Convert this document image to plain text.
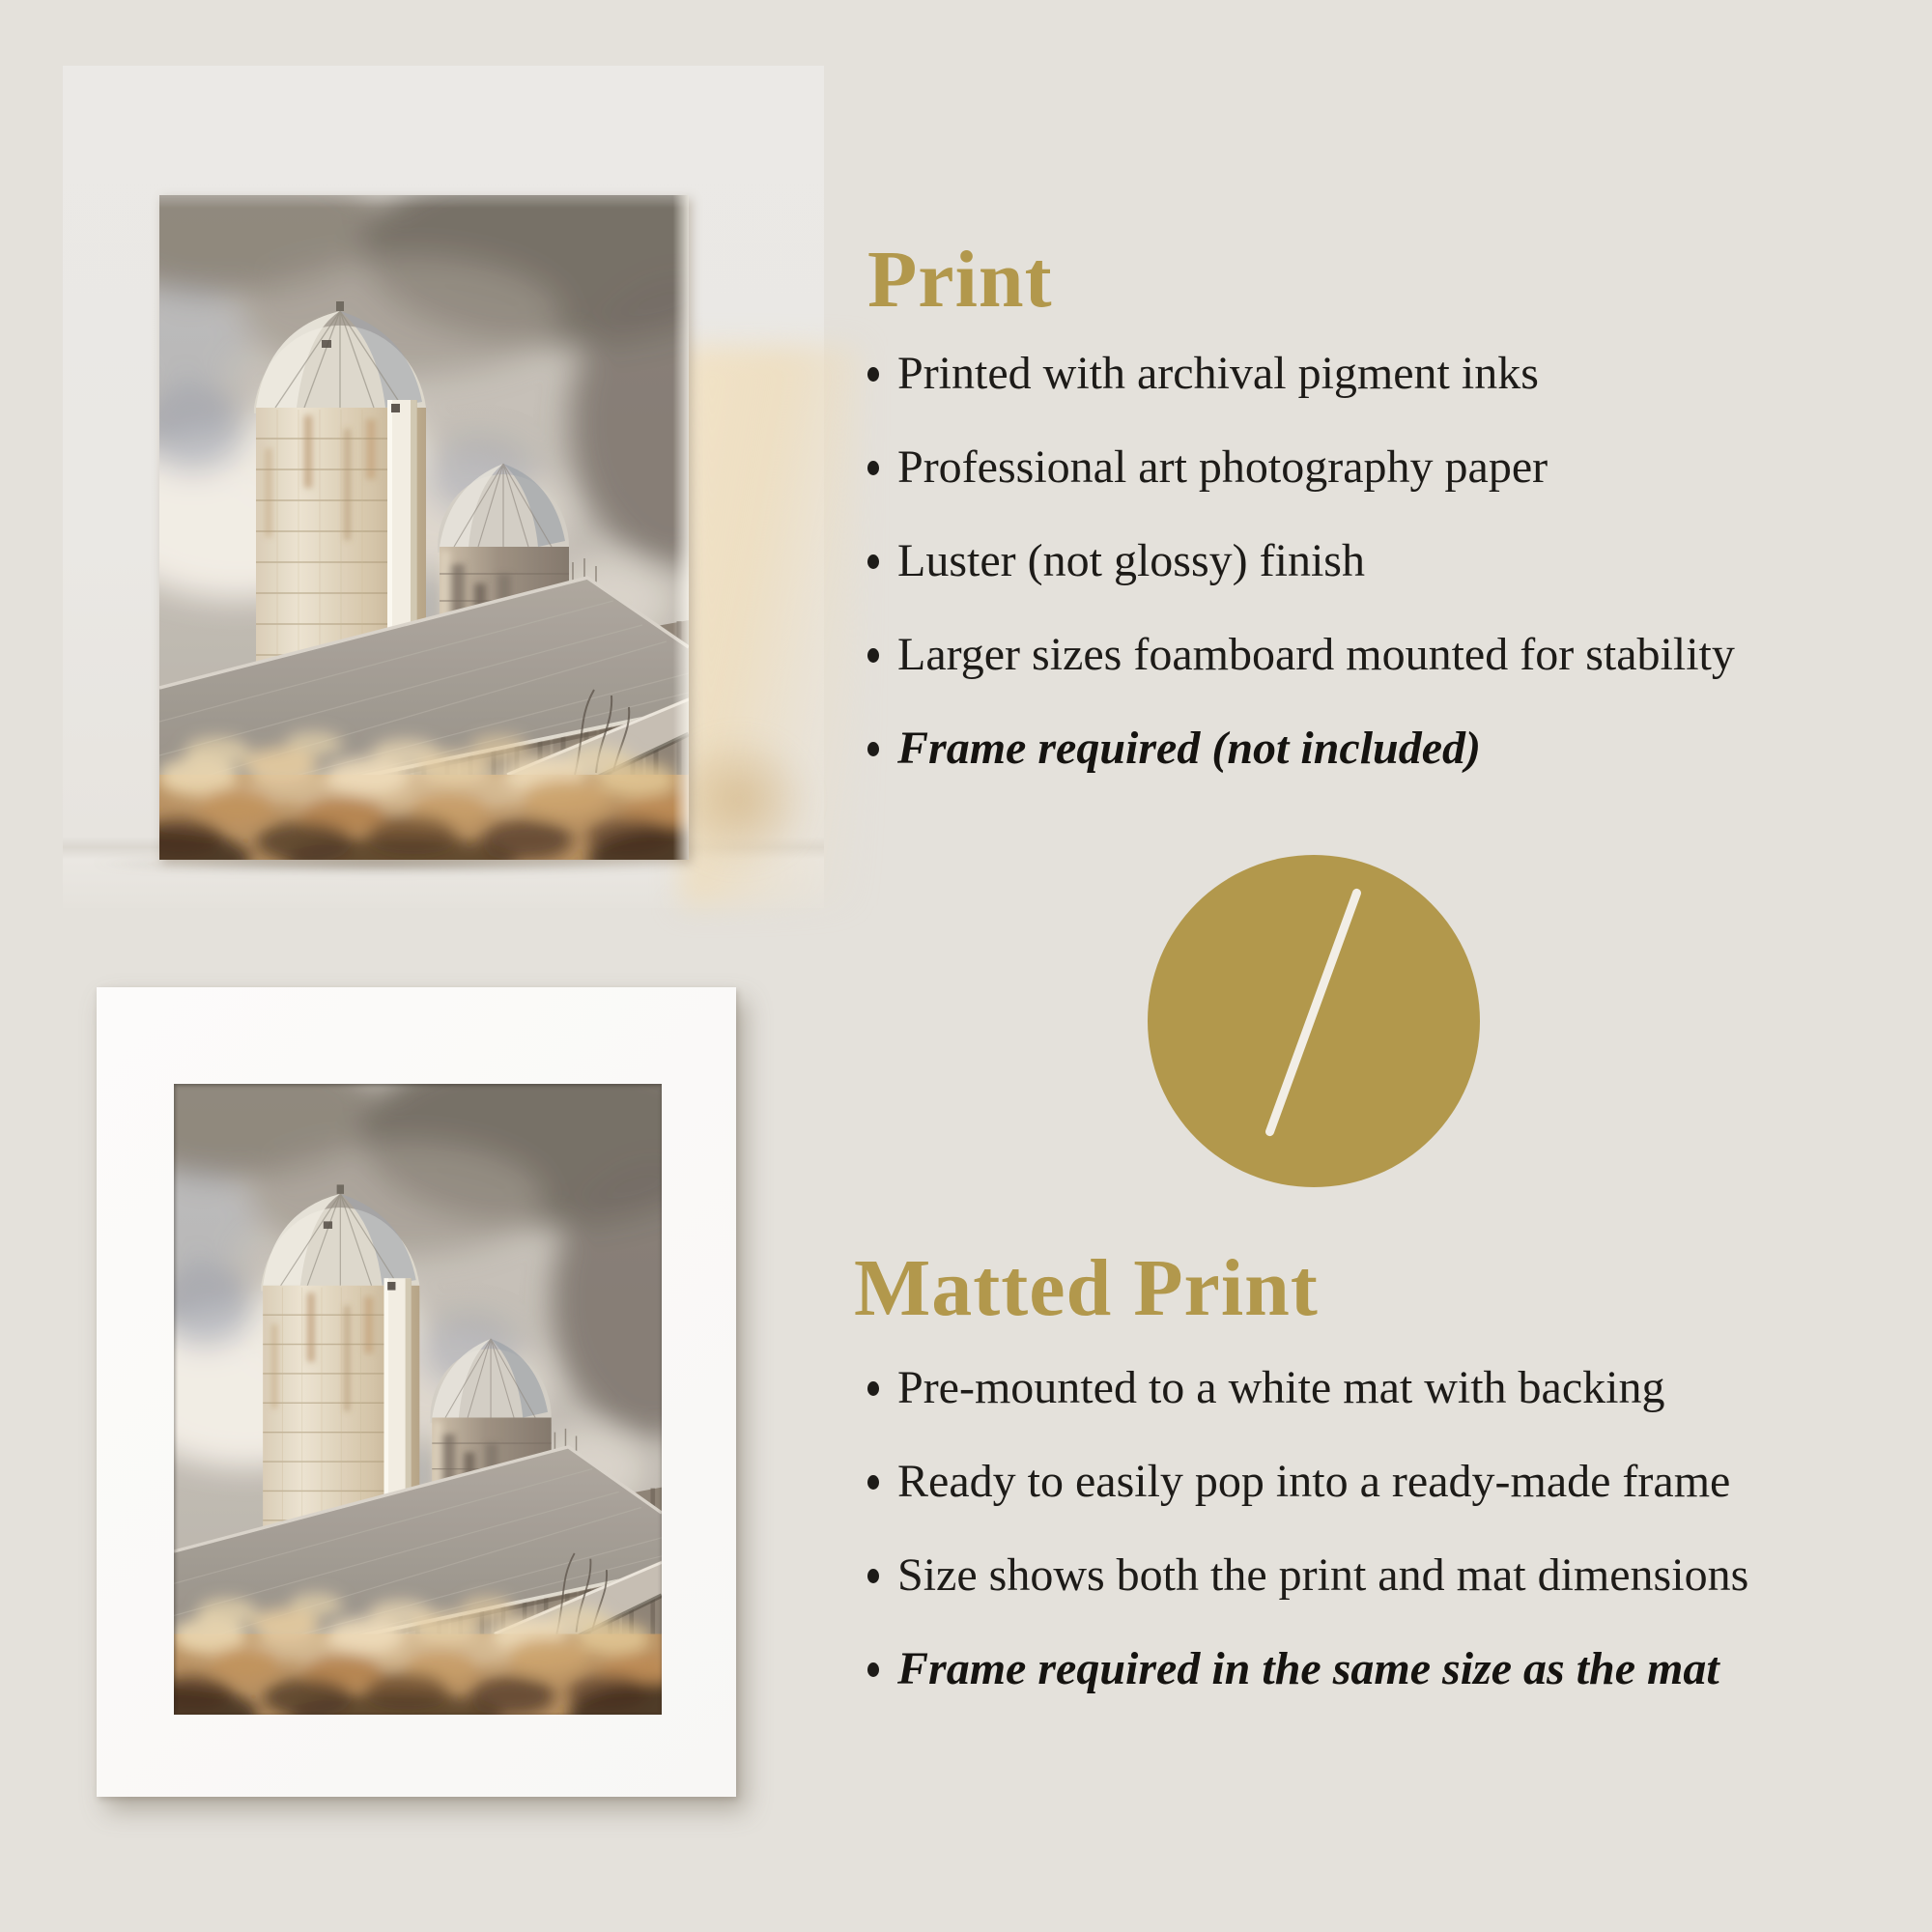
Print
Printed with archival pigment inks
Professional art photography paper
Luster (not glossy) finish
Larger sizes foamboard mounted for stability
Frame required (not included)
Matted Print
Pre-mounted to a white mat with backing
Ready to easily pop into a ready-made frame
Size shows both the print and mat dimensions
Frame required in the same size as the mat
